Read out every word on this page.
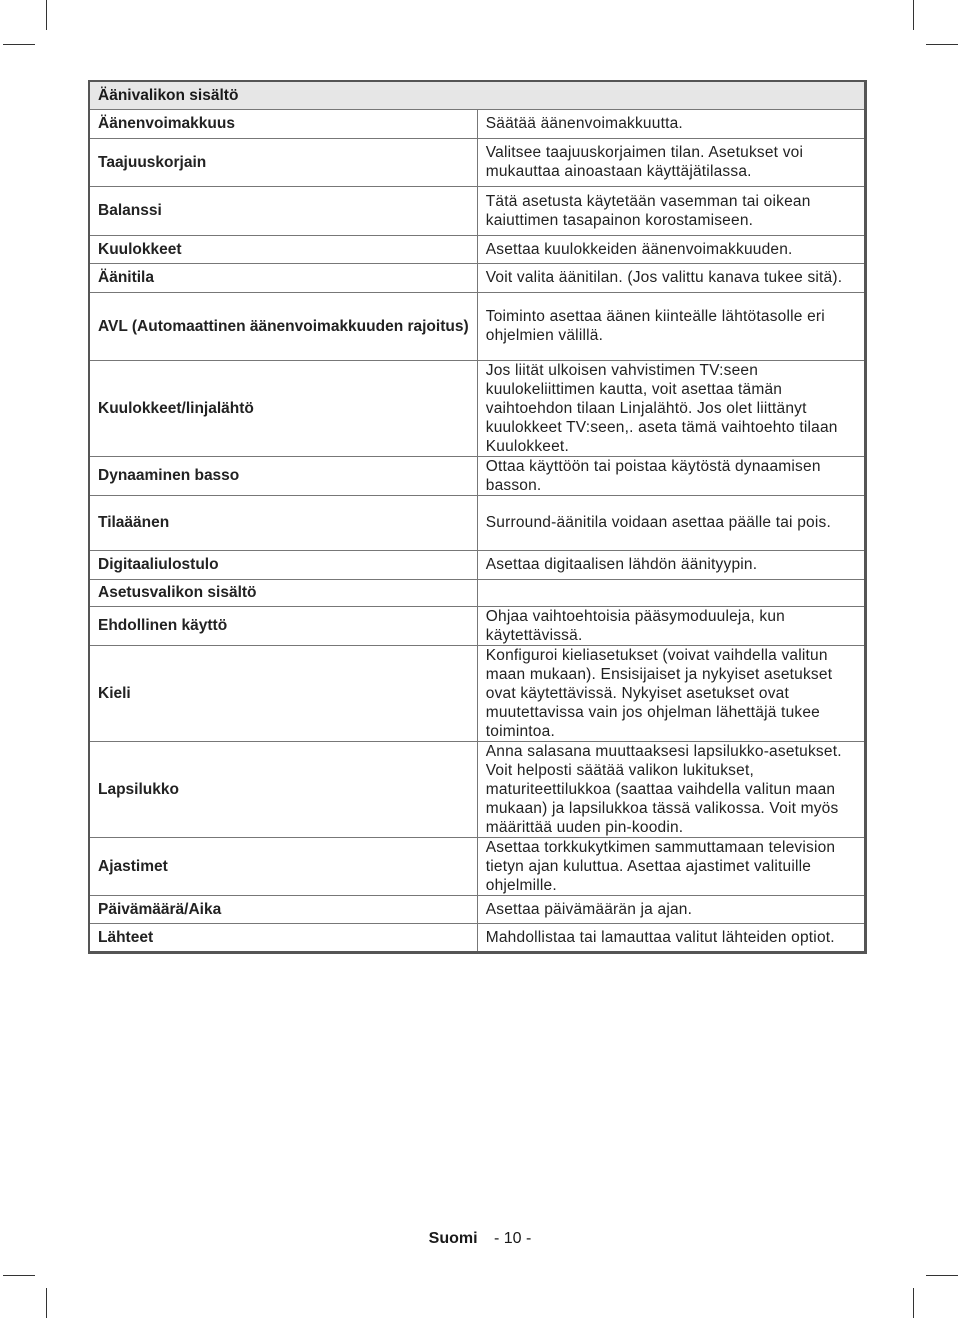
Äänivalikon sisältö	
Äänenvoimakkuus	Säätää äänenvoimakkuutta.
Taajuuskorjain	Valitsee taajuuskorjaimen tilan. Asetukset voi mukauttaa ainoastaan käyttäjätilassa.
Balanssi	Tätä asetusta käytetään vasemman tai oikean kaiuttimen tasapainon korostamiseen.
Kuulokkeet	Asettaa kuulokkeiden äänenvoimakkuuden.
Äänitila	Voit valita äänitilan. (Jos valittu kanava tukee sitä).
AVL (Automaattinen äänenvoimakkuuden rajoitus)	Toiminto asettaa äänen kiinteälle lähtötasolle eri ohjelmien välillä.
Kuulokkeet/linjalähtö	Jos liität ulkoisen vahvistimen TV:seen kuulokeliittimen kautta, voit asettaa tämän vaihtoehdon tilaan Linjalähtö. Jos olet liittänyt kuulokkeet TV:seen,. aseta tämä vaihtoehto tilaan Kuulokkeet.
Dynaaminen basso	Ottaa käyttöön tai poistaa käytöstä dynaamisen basson.
Tilaäänen	Surround-äänitila voidaan asettaa päälle tai pois.
Digitaaliulostulo	Asettaa digitaalisen lähdön äänityypin.
Asetusvalikon sisältö	
Ehdollinen käyttö	Ohjaa vaihtoehtoisia pääsymoduuleja, kun käytettävissä.
Kieli	Konfiguroi kieliasetukset (voivat vaihdella valitun maan mukaan). Ensisijaiset ja nykyiset asetukset ovat käytettävissä. Nykyiset asetukset ovat muutettavissa vain jos ohjelman lähettäjä tukee toimintoa.
Lapsilukko	Anna salasana muuttaaksesi lapsilukko-asetukset. Voit helposti säätää valikon lukitukset, maturiteettilukkoa (saattaa vaihdella valitun maan mukaan) ja lapsilukkoa tässä valikossa. Voit myös määrittää uuden pin-koodin.
Ajastimet	Asettaa torkkukytkimen sammuttamaan television tietyn ajan kuluttua. Asettaa ajastimet valituille ohjelmille.
Päivämäärä/Aika	Asettaa päivämäärän ja ajan.
Lähteet	Mahdollistaa tai lamauttaa valitut lähteiden optiot.
Suomi - 10 -
